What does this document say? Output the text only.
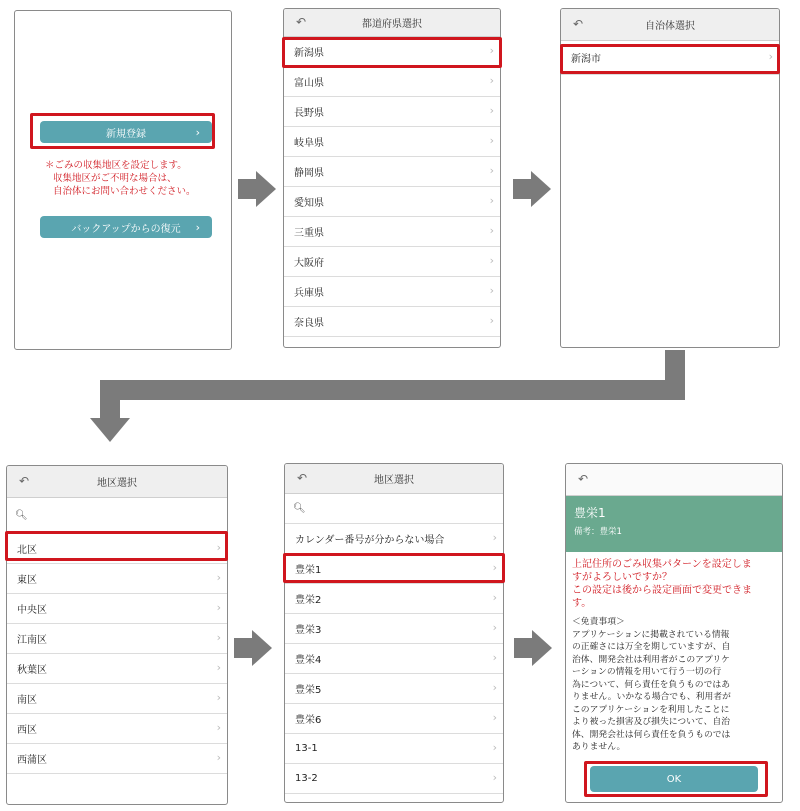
新規登録	›
＊ごみの収集地区を設定します。
収集地区がご不明な場合は、
自治体にお問い合わせください。
バックアップからの復元 ›
↶	都道府県選択
新潟県	›
富山県	›
長野県	›
岐阜県	›
静岡県	›
愛知県	›
三重県	›
大阪府	›
兵庫県	›
奈良県	›
↶	自治体選択
新潟市	›
↶	地区選択
🔍︎
北区	›
東区	›
中央区	›
江南区	›
秋葉区	›
南区	›
西区	›
西蒲区	›
↶	地区選択
🔍︎
カレンダー番号が分からない場合	›
豊栄1	›
豊栄2	›
豊栄3	›
豊栄4	›
豊栄5	›
豊栄6	›
13-1	›
13-2	›
↶
豊栄1
備考：豊栄1
上記住所のごみ収集パターンを設定しま
すがよろしいですか？
この設定は後から設定画面で変更できま
す。
＜免責事項＞
アプリケーションに掲載されている情報
の正確さには万全を期していますが、自
治体、開発会社は利用者がこのアプリケ
ーションの情報を用いて行う一切の行
為について、何ら責任を負うものではあ
りません。いかなる場合でも、利用者が
このアプリケーションを利用したことに
より被った損害及び損失について、自治
体、開発会社は何ら責任を負うものでは
ありません。
OK
